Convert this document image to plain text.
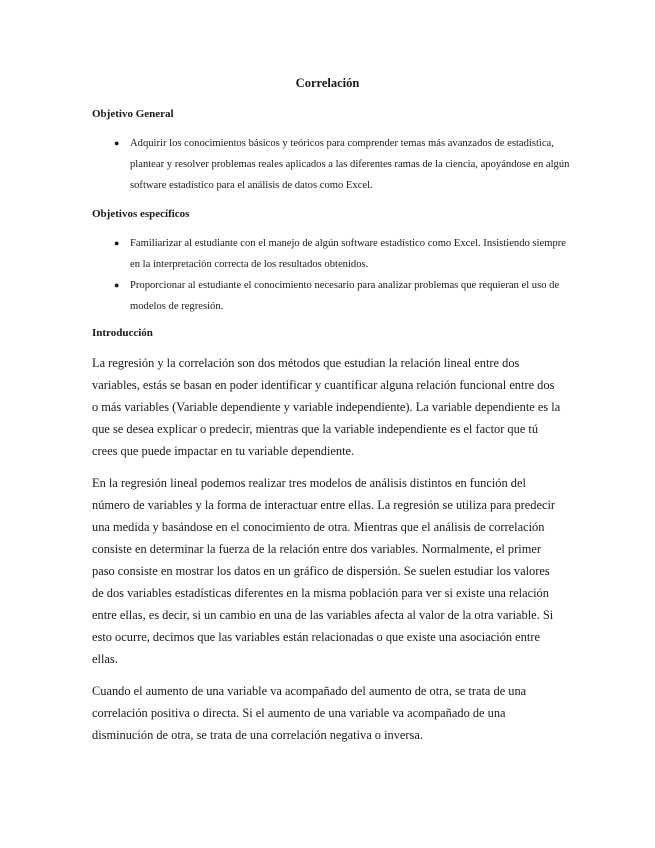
Correlación
Objetivo General
● Adquirir los conocimientos básicos y teóricos para comprender temas más avanzados de estadística, plantear y resolver problemas reales aplicados a las diferentes ramas de la ciencia, apoyándose en algún software estadístico para el análisis de datos como Excel.
Objetivos específicos
● Familiarizar al estudiante con el manejo de algún software estadístico como Excel. Insistiendo siempre en la interpretación correcta de los resultados obtenidos.
● Proporcionar al estudiante el conocimiento necesario para analizar problemas que requieran el uso de modelos de regresión.
Introducción

La regresión y la correlación son dos métodos que estudian la relación lineal entre dos variables, estás se basan en poder identificar y cuantificar alguna relación funcional entre dos o más variables (Variable dependiente y variable independiente). La variable dependiente es la que se desea explicar o predecir, mientras que la variable independiente es el factor que tú crees que puede impactar en tu variable dependiente.

En la regresión lineal podemos realizar tres modelos de análisis distintos en función del número de variables y la forma de interactuar entre ellas. La regresión se utiliza para predecir una medida y basándose en el conocimiento de otra. Mientras que el análisis de correlación consiste en determinar la fuerza de la relación entre dos variables. Normalmente, el primer paso consiste en mostrar los datos en un gráfico de dispersión. Se suelen estudiar los valores de dos variables estadísticas diferentes en la misma población para ver si existe una relación entre ellas, es decir, si un cambio en una de las variables afecta al valor de la otra variable. Si esto ocurre, decimos que las variables están relacionadas o que existe una asociación entre ellas.

Cuando el aumento de una variable va acompañado del aumento de otra, se trata de una correlación positiva o directa. Si el aumento de una variable va acompañado de una disminución de otra, se trata de una correlación negativa o inversa.
